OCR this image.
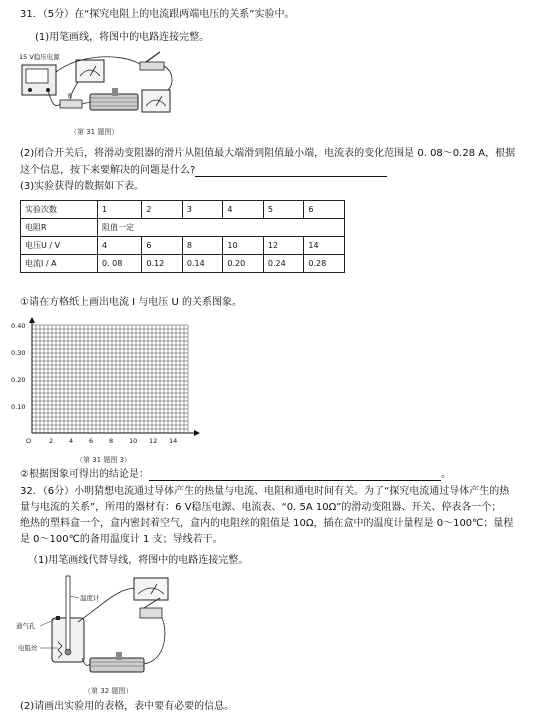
31．（5分）在“探究电阻上的电流跟两端电压的关系”实验中。
(1)用笔画线，将图中的电路连接完整。
15 V稳压电源
R
（第 31 题图）
(2)闭合开关后，将滑动变阻器的滑片从阻值最大端滑到阻值最小端，电流表的变化范围是 0. 08～0.28 A，根据
这个信息，按下来要解决的问题是什么?
(3)实验获得的数据如下表。
实验次数	1	2	3	4	5	6
电阻R	阻值一定					
电压U / V	4	6	8	10	12	14
电流I / A	0. 08	0.12	0.14	0.20	0.24	0.28
①请在方格纸上画出电流 I 与电压 U 的关系图象。
0.40
0.30
0.20
0.10
O	2 4 6 8 10 12 14
（第 31 题图 3）
②根据图象可得出的结论是：	。
32．（6分）小明猜想电流通过导体产生的热量与电流、电阻和通电时间有关。为了“探究电流通过导体产生的热
量与电流的关系”，所用的器材有：6 V稳压电源、电流表、“0. 5A 10Ω”的滑动变阻器、开关、停表各一个；
绝热的塑料盒一个，盒内密封着空气，盒内的电阻丝的阻值是 10Ω，插在盒中的温度计量程是 0～100℃；量程
是 0～100℃的备用温度计 1 支；导线若干。
（1)用笔画线代替导线，将图中的电路连接完整。
温度计
通气孔
电阻丝
（第 32 题图）
(2)请画出实验用的表格，表中要有必要的信息。
